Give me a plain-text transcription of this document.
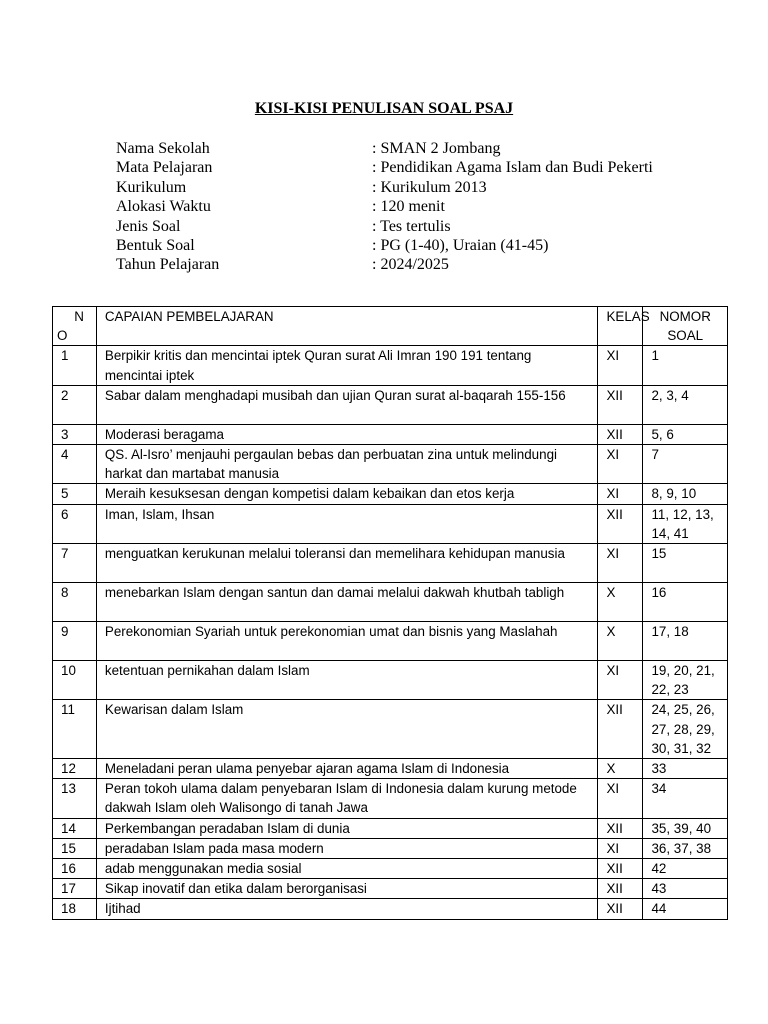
KISI-KISI PENULISAN SOAL PSAJ
Nama Sekolah	: SMAN 2 Jombang
Mata Pelajaran	: Pendidikan Agama Islam dan Budi Pekerti
Kurikulum	: Kurikulum 2013
Alokasi Waktu	: 120 menit
Jenis Soal	: Tes tertulis
Bentuk Soal	: PG (1-40), Uraian (41-45)
Tahun Pelajaran	: 2024/2025
N
O	CAPAIAN PEMBELAJARAN	KELAS	NOMOR SOAL
1	Berpikir kritis dan mencintai iptek Quran surat Ali Imran 190 191 tentang mencintai iptek	XI	1
2	Sabar dalam menghadapi musibah dan ujian Quran surat al-baqarah 155-156	XII	2, 3, 4
3	Moderasi beragama	XII	5, 6
4	QS. Al-Isro’ menjauhi pergaulan bebas dan perbuatan zina untuk melindungi harkat dan martabat manusia	XI	7
5	Meraih kesuksesan dengan kompetisi dalam kebaikan dan etos kerja	XI	8, 9, 10
6	Iman, Islam, Ihsan	XII	11, 12, 13, 14, 41
7	menguatkan kerukunan melalui toleransi dan memelihara kehidupan manusia	XI	15
8	menebarkan Islam dengan santun dan damai melalui dakwah khutbah tabligh	X	16
9	Perekonomian Syariah untuk perekonomian umat dan bisnis yang Maslahah	X	17, 18
10	ketentuan pernikahan dalam Islam	XI	19, 20, 21, 22, 23
11	Kewarisan dalam Islam	XII	24, 25, 26, 27, 28, 29, 30, 31, 32
12	Meneladani peran ulama penyebar ajaran agama Islam di Indonesia	X	33
13	Peran tokoh ulama dalam penyebaran Islam di Indonesia dalam kurung metode dakwah Islam oleh Walisongo di tanah Jawa	XI	34
14	Perkembangan peradaban Islam di dunia	XII	35, 39, 40
15	peradaban Islam pada masa modern	XI	36, 37, 38
16	adab menggunakan media sosial	XII	42
17	Sikap inovatif dan etika dalam berorganisasi	XII	43
18	Ijtihad	XII	44
